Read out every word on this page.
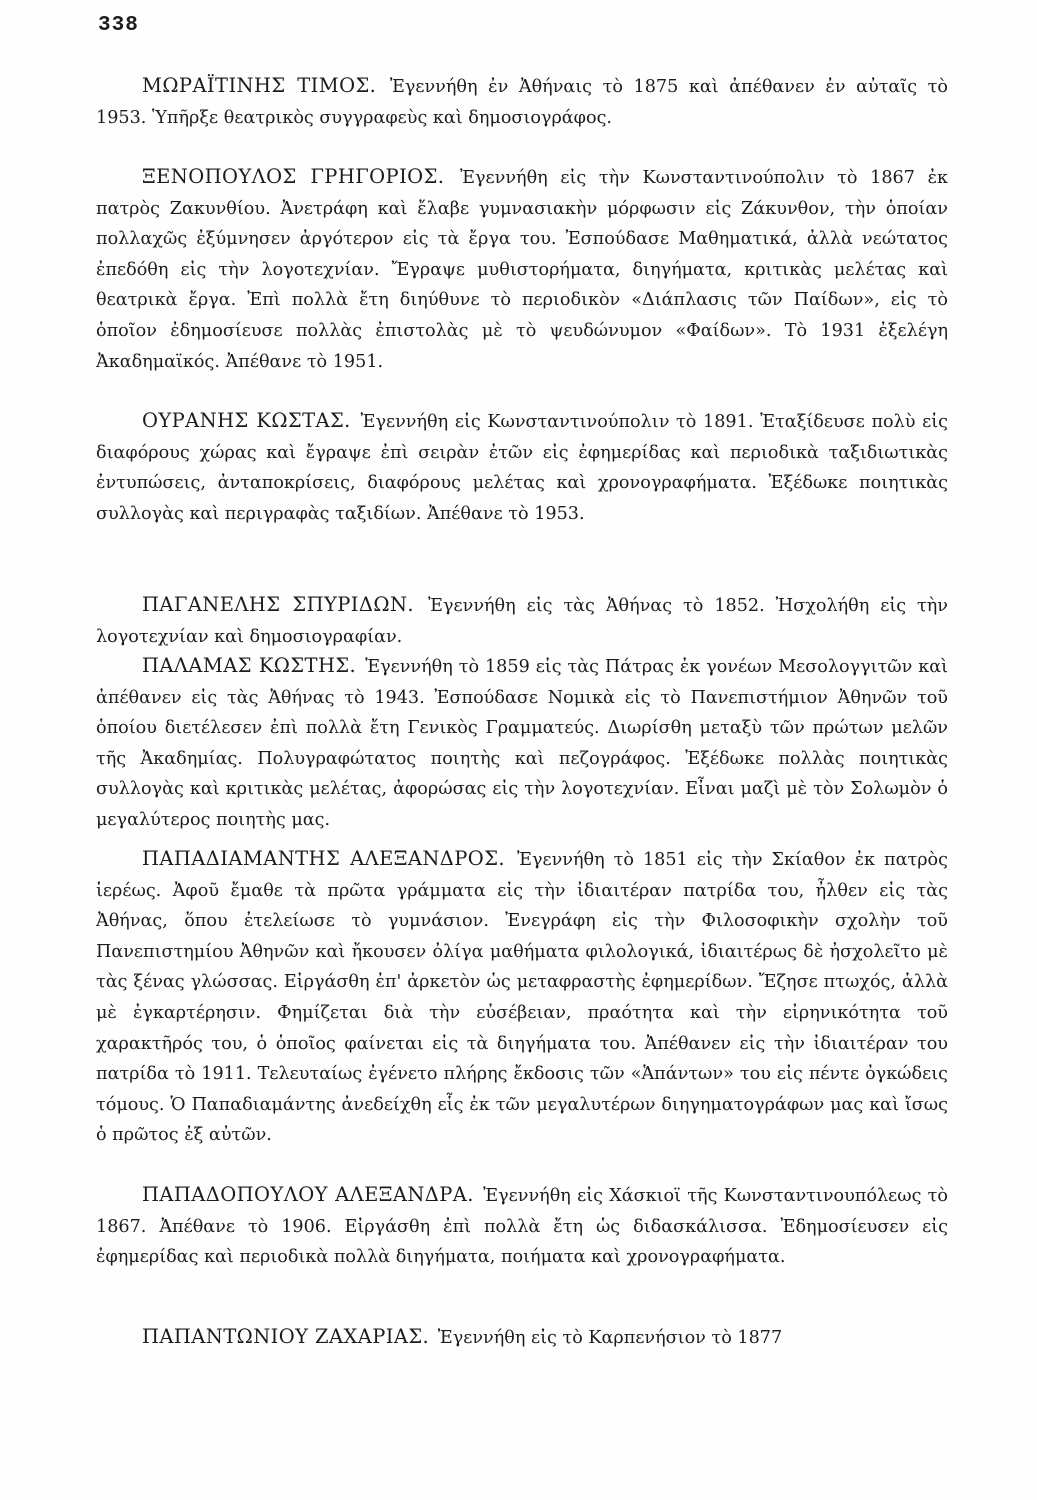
338

ΜΩΡΑΪΤΙΝΗΣ ΤΙΜΟΣ. Ἐγεννήθη ἐν Ἀθήναις τὸ 1875 καὶ ἀπέθανεν ἐν αὐταῖς τὸ 1953. Ὑπῆρξε θεατρικὸς συγγραφεὺς καὶ δημοσιογράφος.

ΞΕΝΟΠΟΥΛΟΣ ΓΡΗΓΟΡΙΟΣ. Ἐγεννήθη εἰς τὴν Κωνσταντινούπολιν τὸ 1867 ἐκ πατρὸς Ζακυνθίου. Ἀνετράφη καὶ ἔλαβε γυμνασιακὴν μόρφωσιν εἰς Ζάκυνθον, τὴν ὁποίαν πολλαχῶς ἐξύμνησεν ἀργότερον εἰς τὰ ἔργα του. Ἐσπούδασε Μαθηματικά, ἀλλὰ νεώτατος ἐπεδόθη εἰς τὴν λογοτεχνίαν. Ἔγραψε μυθιστορήματα, διηγήματα, κριτικὰς μελέτας καὶ θεατρικὰ ἔργα. Ἐπὶ πολλὰ ἔτη διηύθυνε τὸ περιοδικὸν «Διάπλασις τῶν Παίδων», εἰς τὸ ὁποῖον ἐδημοσίευσε πολλὰς ἐπιστολὰς μὲ τὸ ψευδώνυμον «Φαίδων». Τὸ 1931 ἐξελέγη Ἀκαδημαϊκός. Ἀπέθανε τὸ 1951.

ΟΥΡΑΝΗΣ ΚΩΣΤΑΣ. Ἐγεννήθη εἰς Κωνσταντινούπολιν τὸ 1891. Ἐταξίδευσε πολὺ εἰς διαφόρους χώρας καὶ ἔγραψε ἐπὶ σειρὰν ἐτῶν εἰς ἐφημερίδας καὶ περιοδικὰ ταξιδιωτικὰς ἐντυπώσεις, ἀνταποκρίσεις, διαφόρους μελέτας καὶ χρονογραφήματα. Ἐξέδωκε ποιητικὰς συλλογὰς καὶ περιγραφὰς ταξιδίων. Ἀπέθανε τὸ 1953.

ΠΑΓΑΝΕΛΗΣ ΣΠΥΡΙΔΩΝ. Ἐγεννήθη εἰς τὰς Ἀθήνας τὸ 1852. Ἠσχολήθη εἰς τὴν λογοτεχνίαν καὶ δημοσιογραφίαν.

ΠΑΛΑΜΑΣ ΚΩΣΤΗΣ. Ἐγεννήθη τὸ 1859 εἰς τὰς Πάτρας ἐκ γονέων Μεσολογγιτῶν καὶ ἀπέθανεν εἰς τὰς Ἀθήνας τὸ 1943. Ἐσπούδασε Νομικὰ εἰς τὸ Πανεπιστήμιον Ἀθηνῶν τοῦ ὁποίου διετέλεσεν ἐπὶ πολλὰ ἔτη Γενικὸς Γραμματεύς. Διωρίσθη μεταξὺ τῶν πρώτων μελῶν τῆς Ἀκαδημίας. Πολυγραφώτατος ποιητὴς καὶ πεζογράφος. Ἐξέδωκε πολλὰς ποιητικὰς συλλογὰς καὶ κριτικὰς μελέτας, ἀφορώσας εἰς τὴν λογοτεχνίαν. Εἶναι μαζὶ μὲ τὸν Σολωμὸν ὁ μεγαλύτερος ποιητὴς μας.

ΠΑΠΑΔΙΑΜΑΝΤΗΣ ΑΛΕΞΑΝΔΡΟΣ. Ἐγεννήθη τὸ 1851 εἰς τὴν Σκίαθον ἐκ πατρὸς ἱερέως. Ἀφοῦ ἔμαθε τὰ πρῶτα γράμματα εἰς τὴν ἰδιαιτέραν πατρίδα του, ἦλθεν εἰς τὰς Ἀθήνας, ὅπου ἐτελείωσε τὸ γυμνάσιον. Ἐνεγράφη εἰς τὴν Φιλοσοφικὴν σχολὴν τοῦ Πανεπιστημίου Ἀθηνῶν καὶ ἤκουσεν ὀλίγα μαθήματα φιλολογικά, ἰδιαιτέρως δὲ ἠσχολεῖτο μὲ τὰς ξένας γλώσσας. Εἰργάσθη ἐπ' ἀρκετὸν ὡς μεταφραστὴς ἐφημερίδων. Ἔζησε πτωχός, ἀλλὰ μὲ ἐγκαρτέρησιν. Φημίζεται διὰ τὴν εὐσέβειαν, πραότητα καὶ τὴν εἰρηνικότητα τοῦ χαρακτῆρός του, ὁ ὁποῖος φαίνεται εἰς τὰ διηγήματα του. Ἀπέθανεν εἰς τὴν ἰδιαιτέραν του πατρίδα τὸ 1911. Τελευταίως ἐγένετο πλήρης ἔκδοσις τῶν «Ἁπάντων» του εἰς πέντε ὀγκώδεις τόμους. Ὁ Παπαδιαμάντης ἀνεδείχθη εἷς ἐκ τῶν μεγαλυτέρων διηγηματογράφων μας καὶ ἴσως ὁ πρῶτος ἐξ αὐτῶν.

ΠΑΠΑΔΟΠΟΥΛΟΥ ΑΛΕΞΑΝΔΡΑ. Ἐγεννήθη εἰς Χάσκιοϊ τῆς Κωνσταντινουπόλεως τὸ 1867. Ἀπέθανε τὸ 1906. Εἰργάσθη ἐπὶ πολλὰ ἔτη ὡς διδασκάλισσα. Ἐδημοσίευσεν εἰς ἐφημερίδας καὶ περιοδικὰ πολλὰ διηγήματα, ποιήματα καὶ χρονογραφήματα.

ΠΑΠΑΝΤΩΝΙΟΥ ΖΑΧΑΡΙΑΣ. Ἐγεννήθη εἰς τὸ Καρπενήσιον τὸ 1877
